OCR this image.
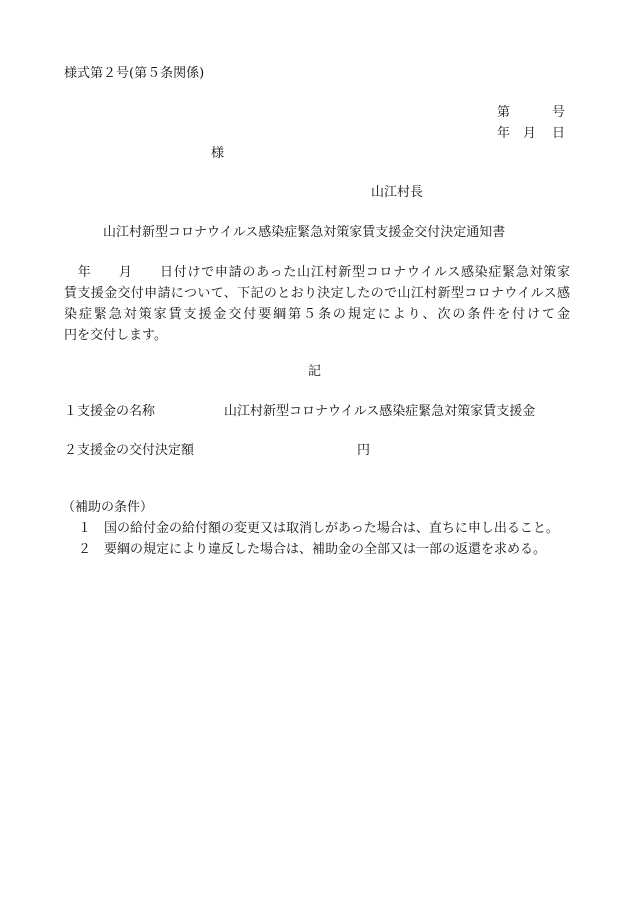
様式第２号(第５条関係)
第	号
年 月 日
様
山江村長
山江村新型コロナウイルス感染症緊急対策家賃支援金交付決定通知書
　年　　月　　日付けで申請のあった山江村新型コロナウイルス感染症緊急対策家
賃支援金交付申請について、下記のとおり決定したので山江村新型コロナウイルス感
染症緊急対策家賃支援金交付要綱第５条の規定により、次の条件を付けて金
円を交付します。
記
１支援金の名称	山江村新型コロナウイルス感染症緊急対策家賃支援金
２支援金の交付決定額	円
（補助の条件）
１　国の給付金の給付額の変更又は取消しがあった場合は、直ちに申し出ること。
２　要綱の規定により違反した場合は、補助金の全部又は一部の返還を求める。
